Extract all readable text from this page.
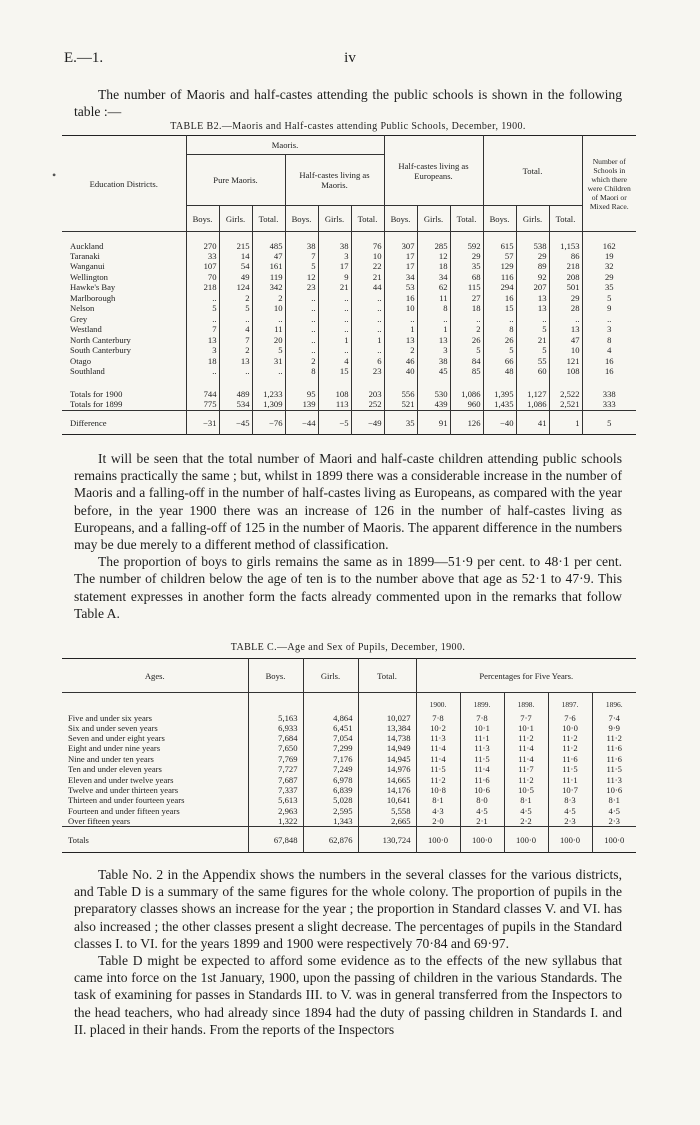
E.—1.	iv

The number of Maoris and half-castes attending the public schools is shown in the following table :—

TABLE B2.—Maoris and Half-castes attending Public Schools, December, 1900.
Education Districts.	Maoris.						Half-castes living as Europeans.			Total.			Number of Schools in which there were Children of Maori or Mixed Race.
	Pure Maoris.			Half-castes living as Maoris.									
	Boys.	Girls.	Total.	Boys.	Girls.	Total.	Boys.	Girls.	Total.	Boys.	Girls.	Total.	
Auckland	270	215	485	38	38	76	307	285	592	615	538	1,153	162
Taranaki	33	14	47	7	3	10	17	12	29	57	29	86	19
Wanganui	107	54	161	5	17	22	17	18	35	129	89	218	32
Wellington	70	49	119	12	9	21	34	34	68	116	92	208	29
Hawke's Bay	218	124	342	23	21	44	53	62	115	294	207	501	35
Marlborough	..	2	2	..	..	..	16	11	27	16	13	29	5
Nelson	5	5	10	..	..	..	10	8	18	15	13	28	9
Grey	..	..	..	..	..	..	..	..	..	..	..	..	..
Westland	7	4	11	..	..	..	1	1	2	8	5	13	3
North Canterbury	13	7	20	..	1	1	13	13	26	26	21	47	8
South Canterbury	3	2	5	..	..	..	2	3	5	5	5	10	4
Otago	18	13	31	2	4	6	46	38	84	66	55	121	16
Southland	..	..	..	8	15	23	40	45	85	48	60	108	16
Totals for 1900	744	489	1,233	95	108	203	556	530	1,086	1,395	1,127	2,522	338
Totals for 1899	775	534	1,309	139	113	252	521	439	960	1,435	1,086	2,521	333
Difference	−31	−45	−76	−44	−5	−49	35	91	126	−40	41	1	5

It will be seen that the total number of Maori and half-caste children attending public schools remains practically the same ; but, whilst in 1899 there was a considerable increase in the number of Maoris and a falling-off in the number of half-castes living as Europeans, as compared with the year before, in the year 1900 there was an increase of 126 in the number of half-castes living as Europeans, and a falling-off of 125 in the number of Maoris. The apparent difference in the numbers may be due merely to a different method of classification.

The proportion of boys to girls remains the same as in 1899—51·9 per cent. to 48·1 per cent. The number of children below the age of ten is to the number above that age as 52·1 to 47·9. This statement expresses in another form the facts already commented upon in the remarks that follow Table A.

TABLE C.—Age and Sex of Pupils, December, 1900.
Ages.	Boys.	Girls.	Total.	Percentages for Five Years.				
				1900.	1899.	1898.	1897.	1896.
Five and under six years	5,163	4,864	10,027	7·8	7·8	7·7	7·6	7·4
Six and under seven years	6,933	6,451	13,384	10·2	10·1	10·1	10·0	9·9
Seven and under eight years	7,684	7,054	14,738	11·3	11·1	11·2	11·2	11·2
Eight and under nine years	7,650	7,299	14,949	11·4	11·3	11·4	11·2	11·6
Nine and under ten years	7,769	7,176	14,945	11·4	11·5	11·4	11·6	11·6
Ten and under eleven years	7,727	7,249	14,976	11·5	11·4	11·7	11·5	11·5
Eleven and under twelve years	7,687	6,978	14,665	11·2	11·6	11·2	11·1	11·3
Twelve and under thirteen years	7,337	6,839	14,176	10·8	10·6	10·5	10·7	10·6
Thirteen and under fourteen years	5,613	5,028	10,641	8·1	8·0	8·1	8·3	8·1
Fourteen and under fifteen years	2,963	2,595	5,558	4·3	4·5	4·5	4·5	4·5
Over fifteen years	1,322	1,343	2,665	2·0	2·1	2·2	2·3	2·3
Totals	67,848	62,876	130,724	100·0	100·0	100·0	100·0	100·0

Table No. 2 in the Appendix shows the numbers in the several classes for the various districts, and Table D is a summary of the same figures for the whole colony. The proportion of pupils in the preparatory classes shows an increase for the year ; the proportion in Standard classes V. and VI. has also increased ; the other classes present a slight decrease. The percentages of pupils in the Standard classes I. to VI. for the years 1899 and 1900 were respectively 70·84 and 69·97.

Table D might be expected to afford some evidence as to the effects of the new syllabus that came into force on the 1st January, 1900, upon the passing of children in the various Standards. The task of examining for passes in Standards III. to V. was in general transferred from the Inspectors to the head teachers, who had already since 1894 had the duty of passing children in Standards I. and II. placed in their hands. From the reports of the Inspectors

•
